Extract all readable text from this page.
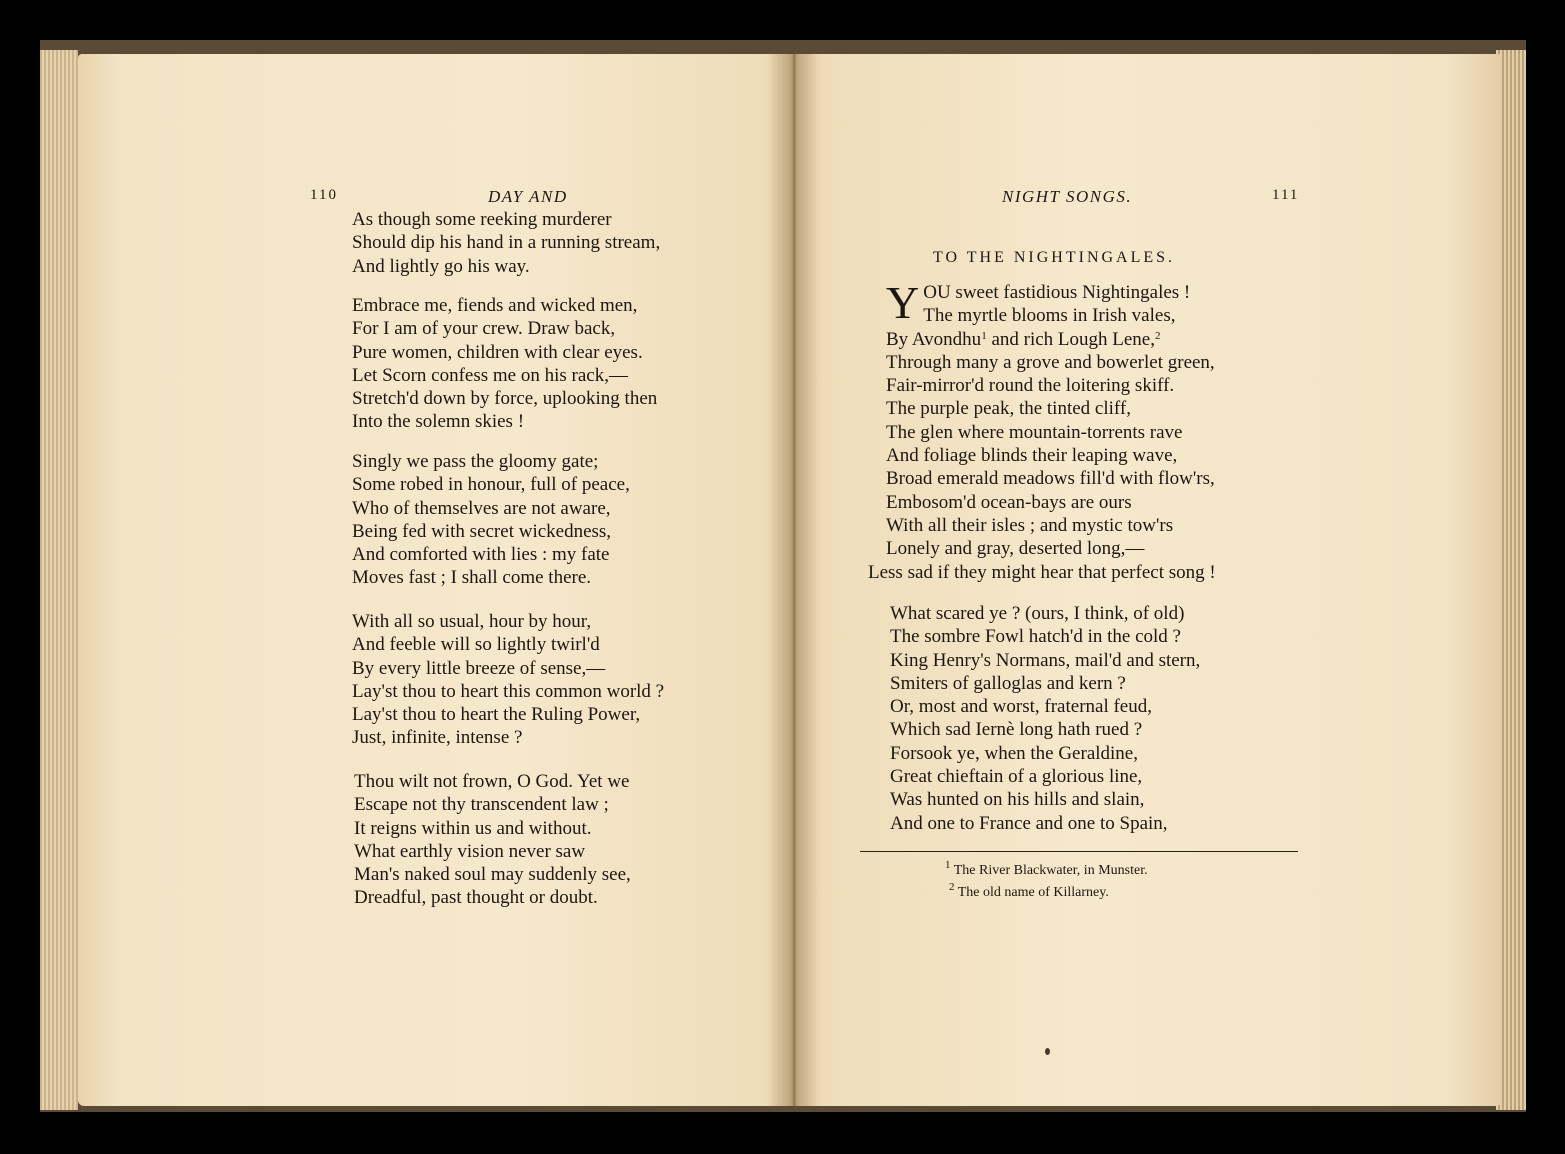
110	DAY AND
As though some reeking murderer
Should dip his hand in a running stream,
And lightly go his way.
Embrace me, fiends and wicked men,
For I am of your crew. Draw back,
Pure women, children with clear eyes.
Let Scorn confess me on his rack,—
Stretch'd down by force, uplooking then
Into the solemn skies !
Singly we pass the gloomy gate;
Some robed in honour, full of peace,
Who of themselves are not aware,
Being fed with secret wickedness,
And comforted with lies : my fate
Moves fast ; I shall come there.
With all so usual, hour by hour,
And feeble will so lightly twirl'd
By every little breeze of sense,—
Lay'st thou to heart this common world ?
Lay'st thou to heart the Ruling Power,
Just, infinite, intense ?
Thou wilt not frown, O God. Yet we
Escape not thy transcendent law ;
It reigns within us and without.
What earthly vision never saw
Man's naked soul may suddenly see,
Dreadful, past thought or doubt.
NIGHT SONGS.	111
TO THE NIGHTINGALES.
Y OU sweet fastidious Nightingales !
The myrtle blooms in Irish vales,
By Avondhu$^1$ and rich Lough Lene,$^2$
Through many a grove and bowerlet green,
Fair-mirror'd round the loitering skiff.
The purple peak, the tinted cliff,
The glen where mountain-torrents rave
And foliage blinds their leaping wave,
Broad emerald meadows fill'd with flow'rs,
Embosom'd ocean-bays are ours
With all their isles ; and mystic tow'rs
Lonely and gray, deserted long,—
Less sad if they might hear that perfect song !
What scared ye ? (ours, I think, of old)
The sombre Fowl hatch'd in the cold ?
King Henry's Normans, mail'd and stern,
Smiters of galloglas and kern ?
Or, most and worst, fraternal feud,
Which sad Iernè long hath rued ?
Forsook ye, when the Geraldine,
Great chieftain of a glorious line,
Was hunted on his hills and slain,
And one to France and one to Spain,
$^1$ The River Blackwater, in Munster.
$^2$ The old name of Killarney.
